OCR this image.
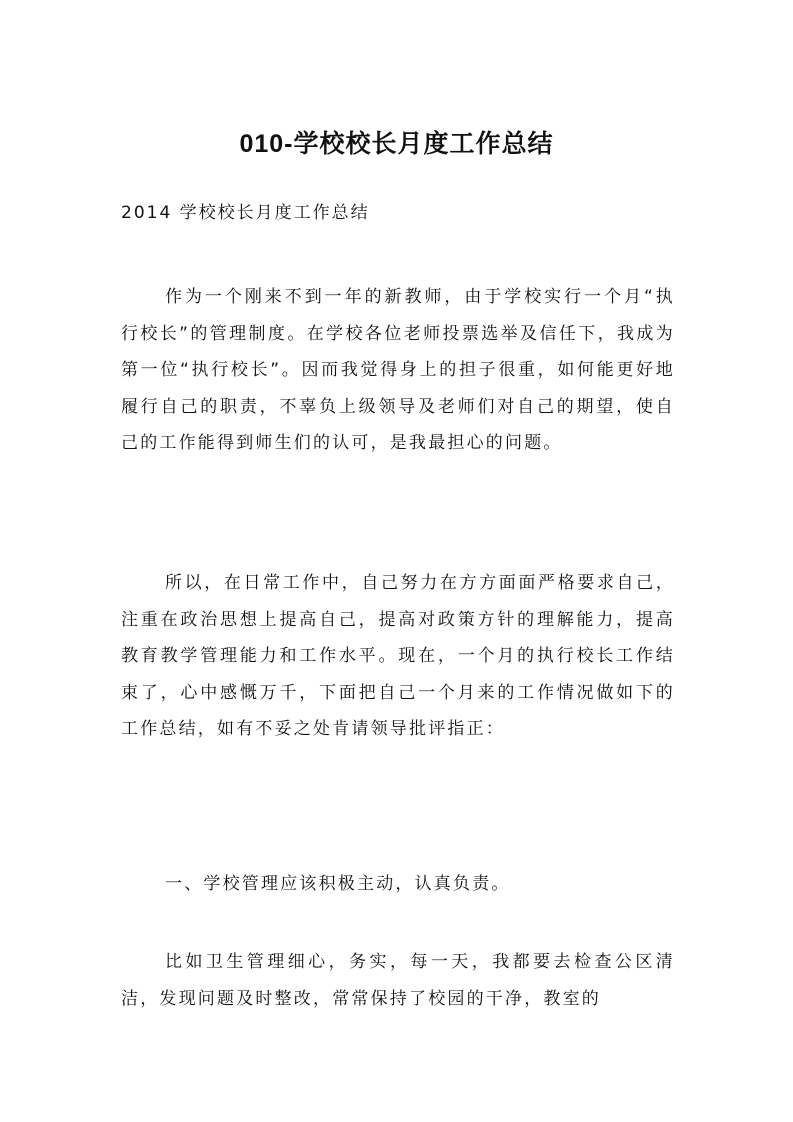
010-学校校长月度工作总结

2014 学校校长月度工作总结

作为一个刚来不到一年的新教师，由于学校实行一个月“执行校长”的管理制度。在学校各位老师投票选举及信任下，我成为第一位“执行校长”。因而我觉得身上的担子很重，如何能更好地履行自己的职责，不辜负上级领导及老师们对自己的期望，使自己的工作能得到师生们的认可，是我最担心的问题。

所以，在日常工作中，自己努力在方方面面严格要求自己，注重在政治思想上提高自己，提高对政策方针的理解能力，提高教育教学管理能力和工作水平。现在，一个月的执行校长工作结束了，心中感慨万千，下面把自己一个月来的工作情况做如下的工作总结，如有不妥之处肯请领导批评指正：

一、学校管理应该积极主动，认真负责。

比如卫生管理细心，务实，每一天，我都要去检查公区清洁，发现问题及时整改，常常保持了校园的干净，教室的
